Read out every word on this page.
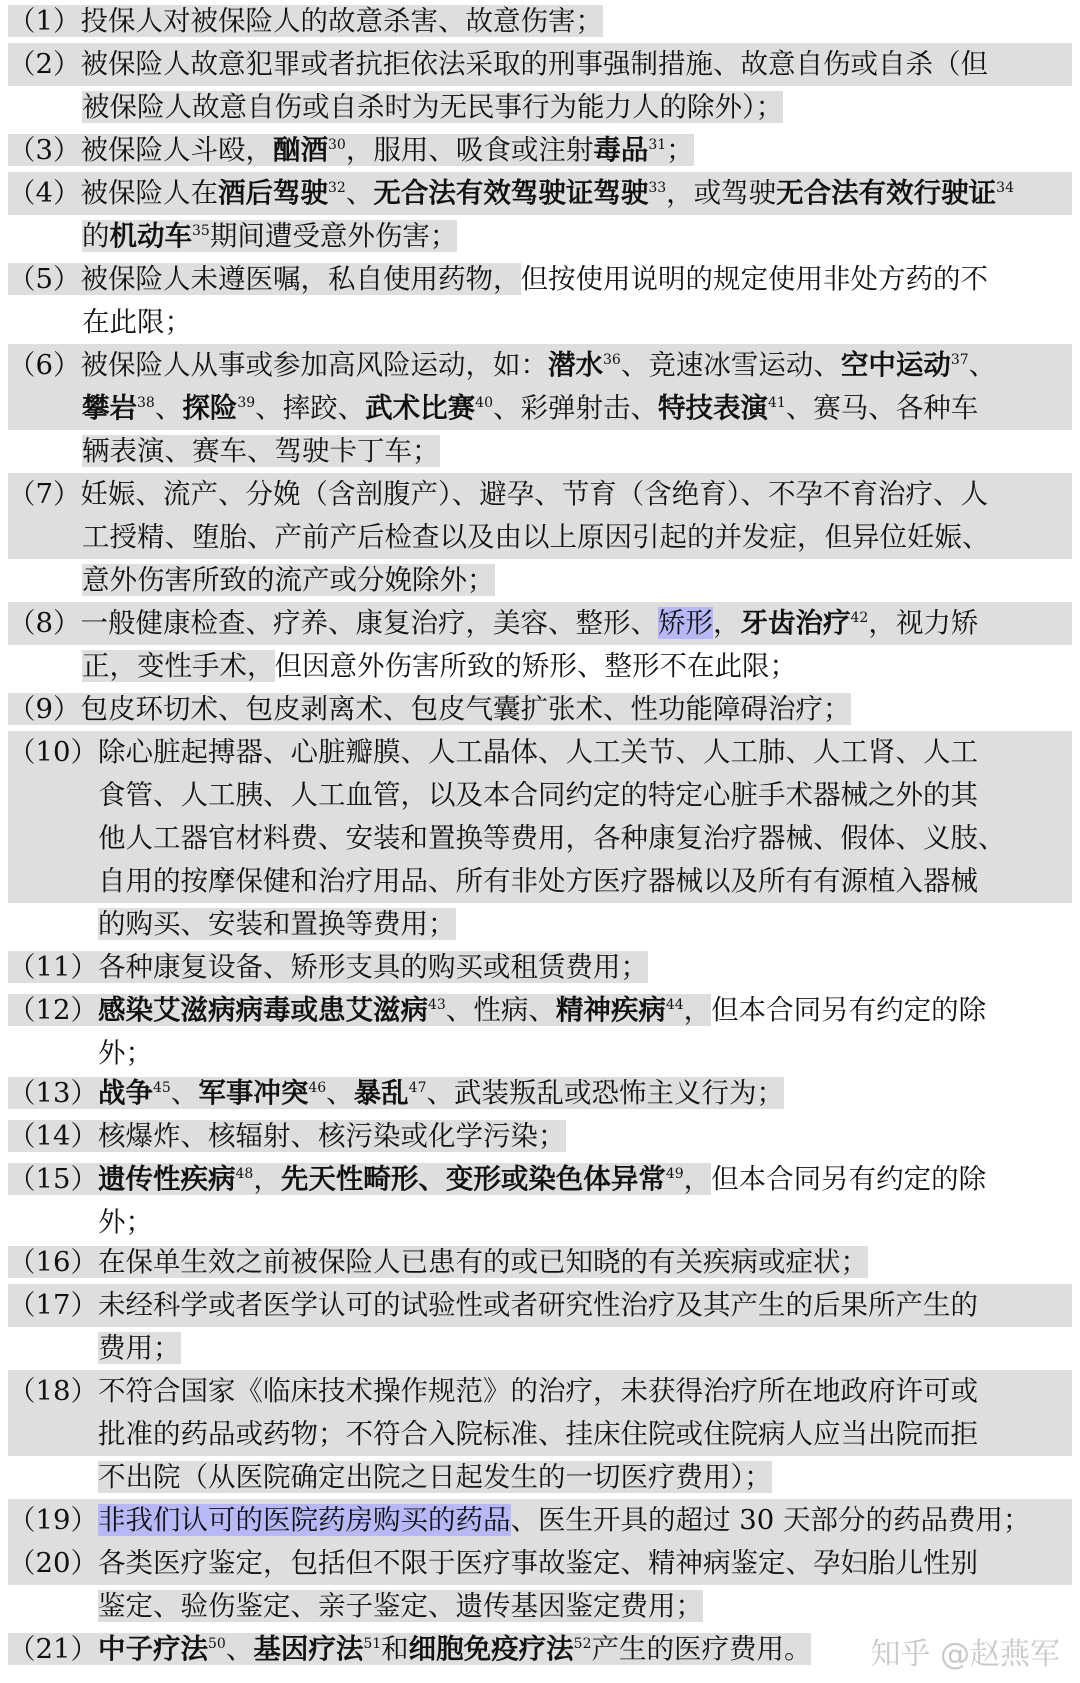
（1）投保人对被保险人的故意杀害、故意伤害；
（2）被保险人故意犯罪或者抗拒依法采取的刑事强制措施、故意自伤或自杀（但
被保险人故意自伤或自杀时为无民事行为能力人的除外）；
（3）被保险人斗殴，酗酒$^{30}$，服用、吸食或注射毒品$^{31}$；
（4）被保险人在酒后驾驶$^{32}$、无合法有效驾驶证驾驶$^{33}$，或驾驶无合法有效行驶证$^{34}$
的机动车$^{35}$期间遭受意外伤害；
（5）被保险人未遵医嘱，私自使用药物，但按使用说明的规定使用非处方药的不
在此限；
（6）被保险人从事或参加高风险运动，如：潜水$^{36}$、竞速冰雪运动、空中运动$^{37}$、
攀岩$^{38}$、探险$^{39}$、摔跤、武术比赛$^{40}$、彩弹射击、特技表演$^{41}$、赛马、各种车
辆表演、赛车、驾驶卡丁车；
（7）妊娠、流产、分娩（含剖腹产）、避孕、节育（含绝育）、不孕不育治疗、人
工授精、堕胎、产前产后检查以及由以上原因引起的并发症，但异位妊娠、
意外伤害所致的流产或分娩除外；
（8）一般健康检查、疗养、康复治疗，美容、整形、矫形，牙齿治疗$^{42}$，视力矫
正，变性手术，但因意外伤害所致的矫形、整形不在此限；
（9）包皮环切术、包皮剥离术、包皮气囊扩张术、性功能障碍治疗；
（10）除心脏起搏器、心脏瓣膜、人工晶体、人工关节、人工肺、人工肾、人工
食管、人工胰、人工血管，以及本合同约定的特定心脏手术器械之外的其
他人工器官材料费、安装和置换等费用，各种康复治疗器械、假体、义肢、
自用的按摩保健和治疗用品、所有非处方医疗器械以及所有有源植入器械
的购买、安装和置换等费用；
（11）各种康复设备、矫形支具的购买或租赁费用；
（12）感染艾滋病病毒或患艾滋病$^{43}$、性病、精神疾病$^{44}$，但本合同另有约定的除
外；
（13）战争$^{45}$、军事冲突$^{46}$、暴乱$^{47}$、武装叛乱或恐怖主义行为；
（14）核爆炸、核辐射、核污染或化学污染；
（15）遗传性疾病$^{48}$，先天性畸形、变形或染色体异常$^{49}$，但本合同另有约定的除
外；
（16）在保单生效之前被保险人已患有的或已知晓的有关疾病或症状；
（17）未经科学或者医学认可的试验性或者研究性治疗及其产生的后果所产生的
费用；
（18）不符合国家《临床技术操作规范》的治疗，未获得治疗所在地政府许可或
批准的药品或药物；不符合入院标准、挂床住院或住院病人应当出院而拒
不出院（从医院确定出院之日起发生的一切医疗费用）；
（19）非我们认可的医院药房购买的药品、医生开具的超过 30 天部分的药品费用；
（20）各类医疗鉴定，包括但不限于医疗事故鉴定、精神病鉴定、孕妇胎儿性别
鉴定、验伤鉴定、亲子鉴定、遗传基因鉴定费用；
（21）中子疗法$^{50}$、基因疗法$^{51}$和细胞免疫疗法$^{52}$产生的医疗费用。	知乎 @赵燕军
